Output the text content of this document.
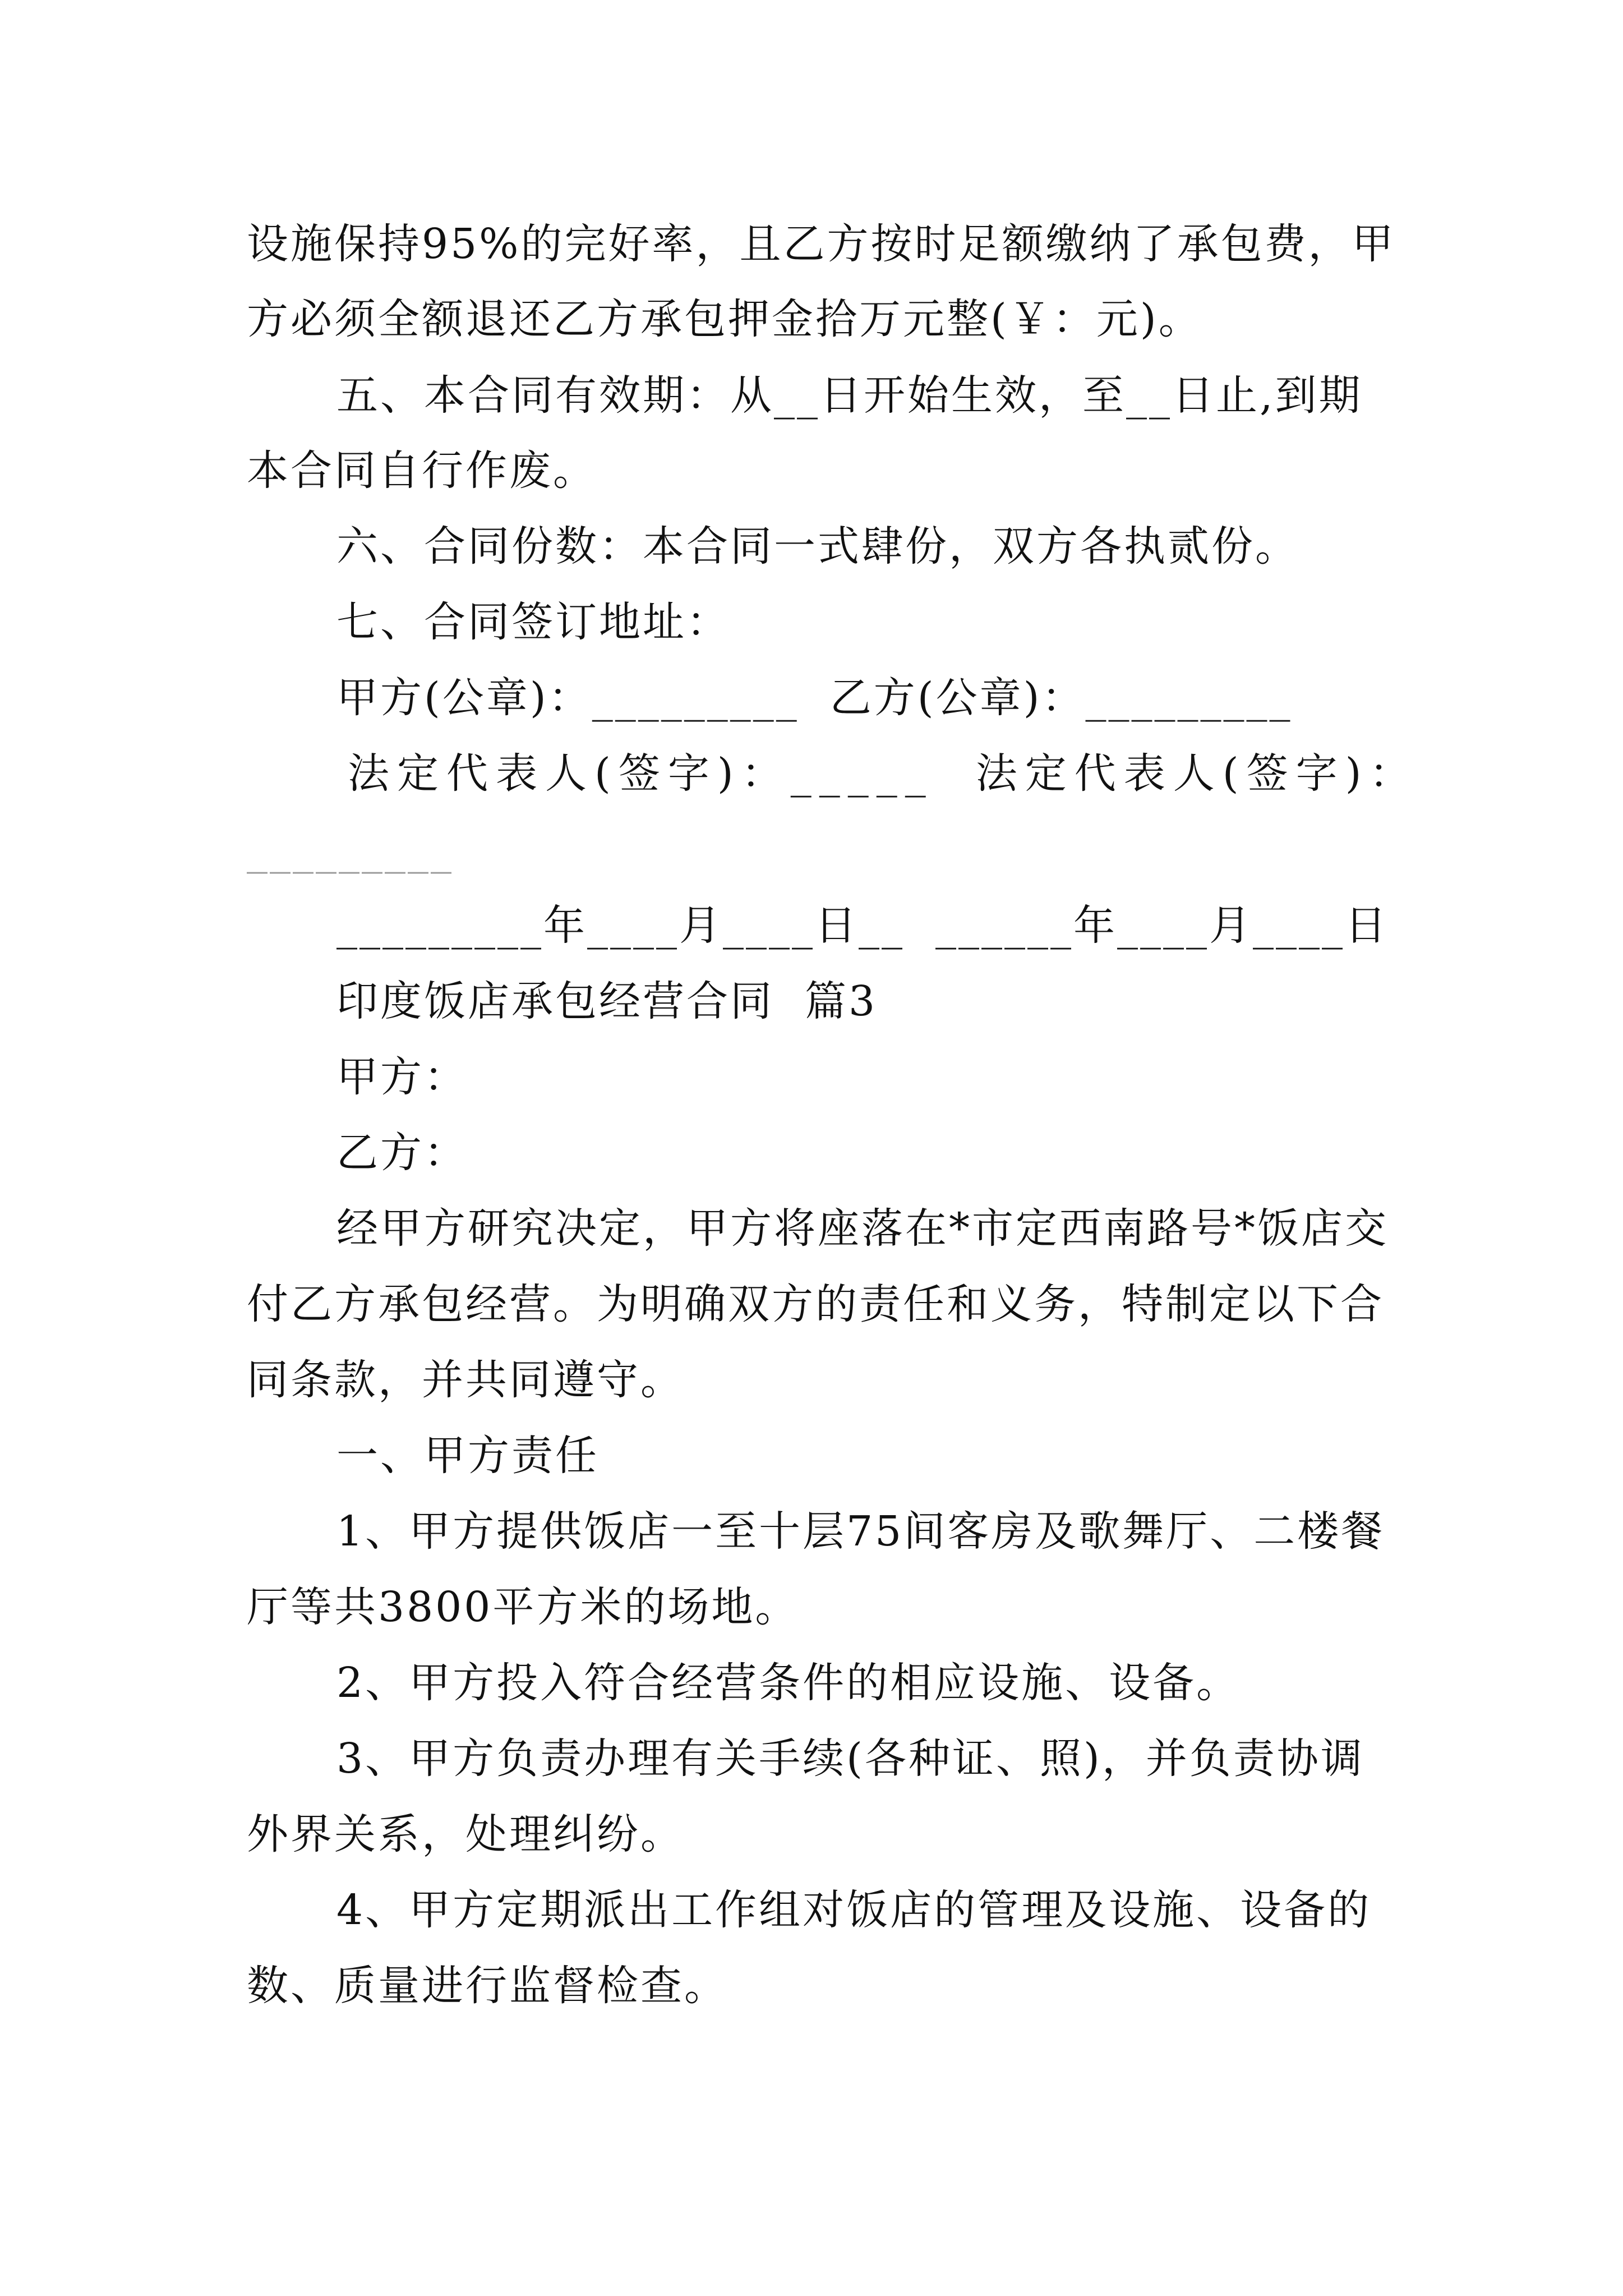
设施保持95%的完好率，且乙方按时足额缴纳了承包费，甲
方必须全额退还乙方承包押金拾万元整(￥：元)。
五、本合同有效期：从__日开始生效，至__日止,到期
本合同自行作废。
六、合同份数：本合同一式肆份，双方各执贰份。
七、合同签订地址：
甲方(公章)：_________  乙方(公章)：_________
法定代表人(签字)：_____  法定代表人(签字)：
_________
_________年____月____日__  ______年____月____日
印度饭店承包经营合同  篇3
甲方：
乙方：
经甲方研究决定，甲方将座落在*市定西南路号*饭店交
付乙方承包经营。为明确双方的责任和义务，特制定以下合
同条款，并共同遵守。
一、甲方责任
1、甲方提供饭店一至十层75间客房及歌舞厅、二楼餐
厅等共3800平方米的场地。
2、甲方投入符合经营条件的相应设施、设备。
3、甲方负责办理有关手续(各种证、照)，并负责协调
外界关系，处理纠纷。
4、甲方定期派出工作组对饭店的管理及设施、设备的
数、质量进行监督检查。
